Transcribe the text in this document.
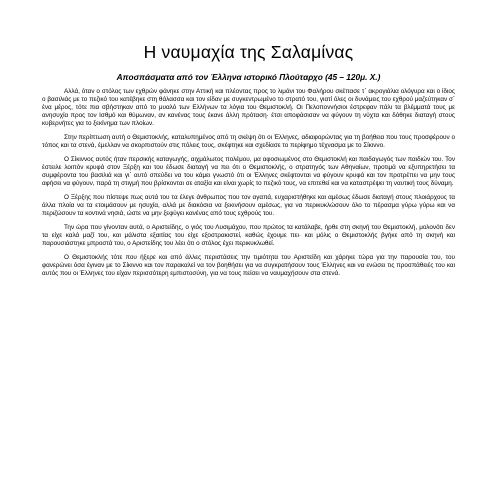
Η ναυμαχία της Σαλαμίνας
Αποσπάσματα από τον Έλληνα ιστορικό Πλούταρχο (45 – 120μ. Χ.)

Αλλά, όταν ο στόλος των εχθρών φάνηκε στην Αττική και πλέοντας προς το λιμάνι του Φαλήρου σκέπασε τ΄ ακρογιάλια ολόγυρα και ο ίδιος ο βασιλιάς με το πεζικό του κατέβηκε στη θάλασσα και τον είδαν με συγκεντρωμένο το στρατό του, γιατί όλες οι δυνάμεις του εχθρού μαζεύτηκαν σ΄ ένα μέρος, τότε πια σβήστηκαν από το μυαλό των Ελλήνων τα λόγια του Θεμιστοκλή. Οι Πελοποννήσιοι έστρεφαν πάλι τα βλέμματά τους με ανησυχία προς τον Ισθμό και θύμωναν, αν κανένας τους έκανε άλλη πρόταση· έτσι αποφάσισαν να φύγουν τη νύχτα και δόθηκε διαταγή στους κυβερνήτες για το ξεκίνημα των πλοίων.

Στην περίπτωση αυτή ο Θεμιστοκλής, καταλυπημένος από τη σκέψη ότι οι Έλληνες, αδιαφορώντας για τη βοήθεια που τους προσφέρουν ο τόπος και τα στενά, έμελλαν να σκορπιστούν στις πόλεις τους, σκέφτηκε και σχεδίασε το περίφημο τέχνασμα με το Σίκιννο.

Ο Σίκιννος αυτός ήταν περσικής καταγωγής, αιχμάλωτος πολέμου, μα αφοσιωμένος στο Θεμιστοκλή και παιδαγωγός των παιδιών του. Τον έστειλε λοιπόν κρυφά στον Ξέρξη και του έδωσε διαταγή να πει ότι ο Θεμιστοκλής, ο στρατηγός των Αθηναίων, προτιμά να εξυπηρετήσει τα συμφέροντα του βασιλιά και γι΄ αυτό σπεύδει να του κάμει γνωστό ότι οι Έλληνες σκέφτονται να φύγουν κρυφά και τον προτρέπει να μην τους αφήσει να φύγουν, παρά τη στιγμή που βρίσκονται σε αταξία και είναι χωρίς το πεζικό τους, να επιτεθεί και να καταστρέψει τη ναυτική τους δύναμη.

Ο Ξέρξης που πίστεψε πως αυτά του τα έλεγε άνθρωπος που τον αγαπά, ευχαριστήθηκε και αμέσως έδωσε διαταγή στους πλοιάρχους τα άλλα πλοία να τα ετοιμάσουν με ησυχία, αλλά με διακόσια να ξεκινήσουν αμέσως, για να περικυκλώσουν όλο το πέρασμα γύρω γύρω και να περιζώσουν τα κοντινά νησιά, ώστε να μην ξεφύγει κανένας από τους εχθρούς του.

Την ώρα που γίνονταν αυτά, ο Αριστείδης, ο γιός του Λυσιμάχου, που πρώτος τα κατάλαβε, ήρθε στη σκηνή του Θεμιστοκλή, μολονότι δεν τα είχε καλά μαζί του, και μάλιστα εξαιτίας του είχε εξοστρακιστεί, καθώς έχουμε πει· και μόλις ο Θεμιστοκλής βγήκε από τη σκηνή και παρουσιάστηκε μπροστά του, ο Αριστείδης του λέει ότι ο στόλος έχει περικυκλωθεί.

Ο Θεμιστοκλής τότε που ήξερε και από άλλες περιστάσεις την τιμιότητα του Αριστείδη και χάρηκε τώρα για την παρουσία του, του φανερώνει όσα έγιναν με το Σίκιννο και τον παρακαλεί να τον βοηθήσει για να συγκρατήσουν τους Έλληνες και να ενώσει τις προσπάθειές του και αυτός που οι Έλληνες του είχαν περισσότερη εμπιστοσύνη, για να τους πείσει να ναυμαχήσουν στα στενά.
